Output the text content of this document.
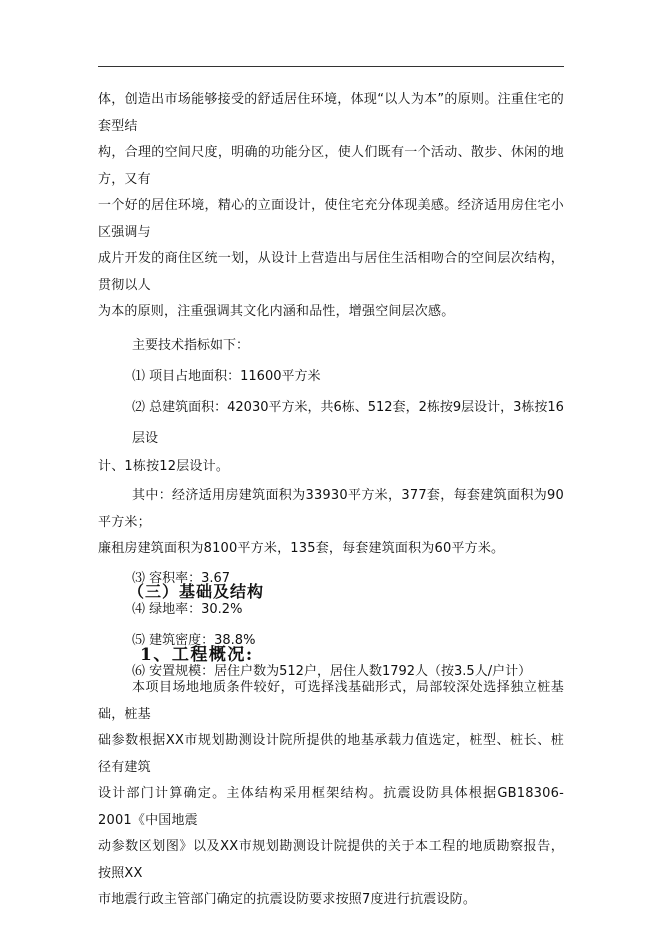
体，创造出市场能够接受的舒适居住环境，体现“以人为本”的原则。注重住宅的套型结

构，合理的空间尺度，明确的功能分区，使人们既有一个活动、散步、休闲的地方，又有

一个好的居住环境，精心的立面设计，使住宅充分体现美感。经济适用房住宅小区强调与

成片开发的商住区统一划，从设计上营造出与居住生活相吻合的空间层次结构，贯彻以人

为本的原则，注重强调其文化内涵和品性，增强空间层次感。

主要技术指标如下：

⑴ 项目占地面积：11600平方米

⑵ 总建筑面积：42030平方米，共6栋、512套，2栋按9层设计，3栋按16层设

计、1栋按12层设计。

其中：经济适用房建筑面积为33930平方米，377套，每套建筑面积为90平方米；

廉租房建筑面积为8100平方米，135套，每套建筑面积为60平方米。

⑶ 容积率：3.67

⑷ 绿地率：30.2%

⑸ 建筑密度：38.8%

⑹ 安置规模：居住户数为512户，居住人数1792人（按3.5人/户计）

（三）基础及结构
1、工程概况:

本项目场地地质条件较好，可选择浅基础形式，局部较深处选择独立桩基础，桩基

础参数根据XX市规划勘测设计院所提供的地基承载力值选定，桩型、桩长、桩径有建筑

设计部门计算确定。主体结构采用框架结构。抗震设防具体根据GB18306-2001《中国地震

动参数区划图》以及XX市规划勘测设计院提供的关于本工程的地质勘察报告，按照XX

市地震行政主管部门确定的抗震设防要求按照7度进行抗震设防。
